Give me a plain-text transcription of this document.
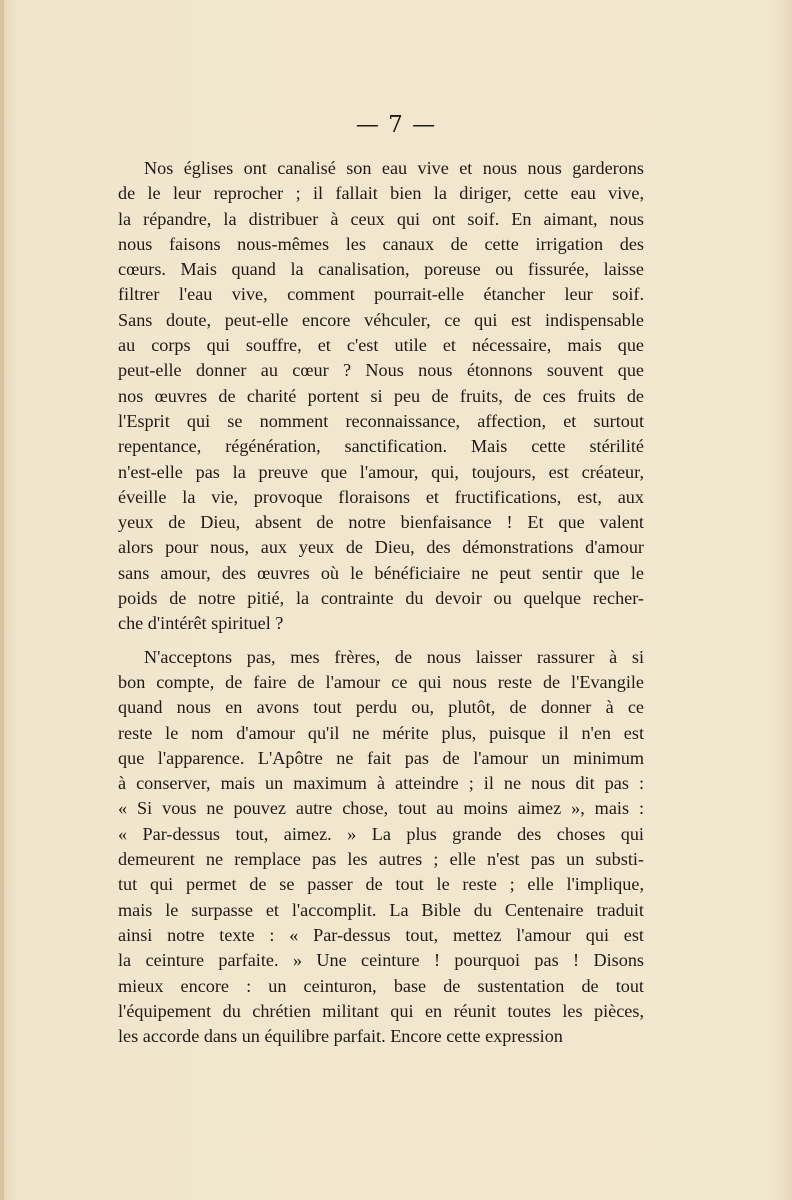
— 7 —

Nos églises ont canalisé son eau vive et nous nous garderons
de le leur reprocher ; il fallait bien la diriger, cette eau vive,
la répandre, la distribuer à ceux qui ont soif. En aimant, nous
nous faisons nous-mêmes les canaux de cette irrigation des
cœurs. Mais quand la canalisation, poreuse ou fissurée, laisse
filtrer l'eau vive, comment pourrait-elle étancher leur soif.
Sans doute, peut-elle encore véhculer, ce qui est indispensable
au corps qui souffre, et c'est utile et nécessaire, mais que
peut-elle donner au cœur ? Nous nous étonnons souvent que
nos œuvres de charité portent si peu de fruits, de ces fruits de
l'Esprit qui se nomment reconnaissance, affection, et surtout
repentance, régénération, sanctification. Mais cette stérilité
n'est-elle pas la preuve que l'amour, qui, toujours, est créateur,
éveille la vie, provoque floraisons et fructifications, est, aux
yeux de Dieu, absent de notre bienfaisance ! Et que valent
alors pour nous, aux yeux de Dieu, des démonstrations d'amour
sans amour, des œuvres où le bénéficiaire ne peut sentir que le
poids de notre pitié, la contrainte du devoir ou quelque recher-
che d'intérêt spirituel ?

N'acceptons pas, mes frères, de nous laisser rassurer à si
bon compte, de faire de l'amour ce qui nous reste de l'Evangile
quand nous en avons tout perdu ou, plutôt, de donner à ce
reste le nom d'amour qu'il ne mérite plus, puisque il n'en est
que l'apparence. L'Apôtre ne fait pas de l'amour un minimum
à conserver, mais un maximum à atteindre ; il ne nous dit pas :
« Si vous ne pouvez autre chose, tout au moins aimez », mais :
« Par-dessus tout, aimez. » La plus grande des choses qui
demeurent ne remplace pas les autres ; elle n'est pas un substi-
tut qui permet de se passer de tout le reste ; elle l'implique,
mais le surpasse et l'accomplit. La Bible du Centenaire traduit
ainsi notre texte : « Par-dessus tout, mettez l'amour qui est
la ceinture parfaite. » Une ceinture ! pourquoi pas ! Disons
mieux encore : un ceinturon, base de sustentation de tout
l'équipement du chrétien militant qui en réunit toutes les pièces,
les accorde dans un équilibre parfait. Encore cette expression
